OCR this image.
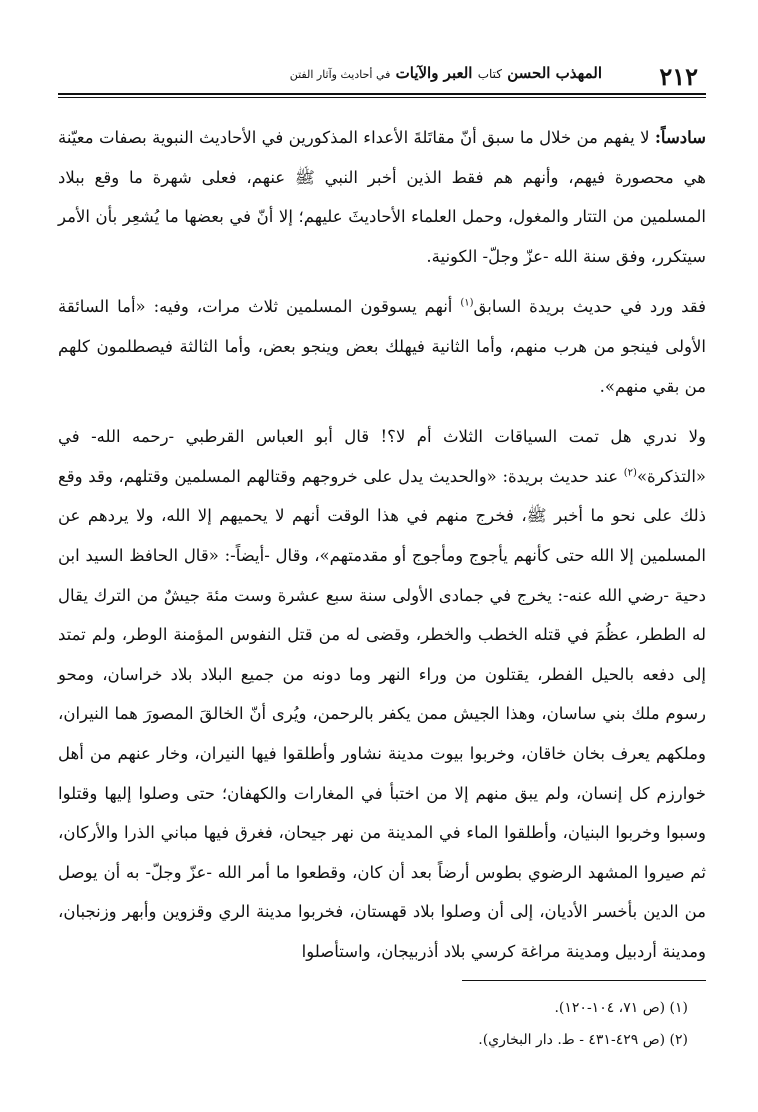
٢١٢
المهذب الحسن كتاب العبر والآيات في أحاديث وآثار الفتن

سادساً: لا يفهم من خلال ما سبق أنّ مقاتَلةَ الأعداء المذكورين في الأحاديث النبوية بصفات معيّنة هي محصورة فيهم، وأنهم هم فقط الذين أخبر النبي ﷺ عنهم، فعلى شهرة ما وقع ببلاد المسلمين من التتار والمغول، وحمل العلماء الأحاديثَ عليهم؛ إلا أنّ في بعضها ما يُشعِر بأن الأمر سيتكرر، وفق سنة الله -عزّ وجلّ- الكونية.

فقد ورد في حديث بريدة السابق$^{(١)}$ أنهم يسوقون المسلمين ثلاث مرات، وفيه: «أما السائقة الأولى فينجو من هرب منهم، وأما الثانية فيهلك بعض وينجو بعض، وأما الثالثة فيصطلمون كلهم من بقي منهم».

ولا ندري هل تمت السياقات الثلاث أم لا؟! قال أبو العباس القرطبي -رحمه الله- في «التذكرة»$^{(٢)}$ عند حديث بريدة: «والحديث يدل على خروجهم وقتالهم المسلمين وقتلهم، وقد وقع ذلك على نحو ما أخبر ﷺ، فخرج منهم في هذا الوقت أنهم لا يحميهم إلا الله، ولا يردهم عن المسلمين إلا الله حتى كأنهم يأجوج ومأجوج أو مقدمتهم»، وقال -أيضاً-: «قال الحافظ السيد ابن دحية -رضي الله عنه-: يخرج في جمادى الأولى سنة سبع عشرة وست مئة جيشٌ من الترك يقال له الططر، عظُمَ في قتله الخطب والخطر، وقضى له من قتل النفوس المؤمنة الوطر، ولم تمتد إلى دفعه بالحيل الفطر، يقتلون من وراء النهر وما دونه من جميع البلاد بلاد خراسان، ومحو رسوم ملك بني ساسان، وهذا الجيش ممن يكفر بالرحمن، ويُرى أنّ الخالقَ المصورَ هما النيران، وملكهم يعرف بخان خاقان، وخربوا بيوت مدينة نشاور وأطلقوا فيها النيران، وخار عنهم من أهل خوارزم كل إنسان، ولم يبق منهم إلا من اختبأ في المغارات والكهفان؛ حتى وصلوا إليها وقتلوا وسبوا وخربوا البنيان، وأطلقوا الماء في المدينة من نهر جيحان، فغرق فيها مباني الذرا والأركان، ثم صيروا المشهد الرضوي بطوس أرضاً بعد أن كان، وقطعوا ما أمر الله -عزّ وجلّ- به أن يوصل من الدين بأخسر الأديان، إلى أن وصلوا بلاد قهستان، فخربوا مدينة الري وقزوين وأبهر وزنجبان، ومدينة أردبيل ومدينة مراغة كرسي بلاد أذربيجان، واستأصلوا

(١) (ص ٧١، ١٠٤-١٢٠).

(٢) (ص ٤٢٩-٤٣١ - ط. دار البخاري).
